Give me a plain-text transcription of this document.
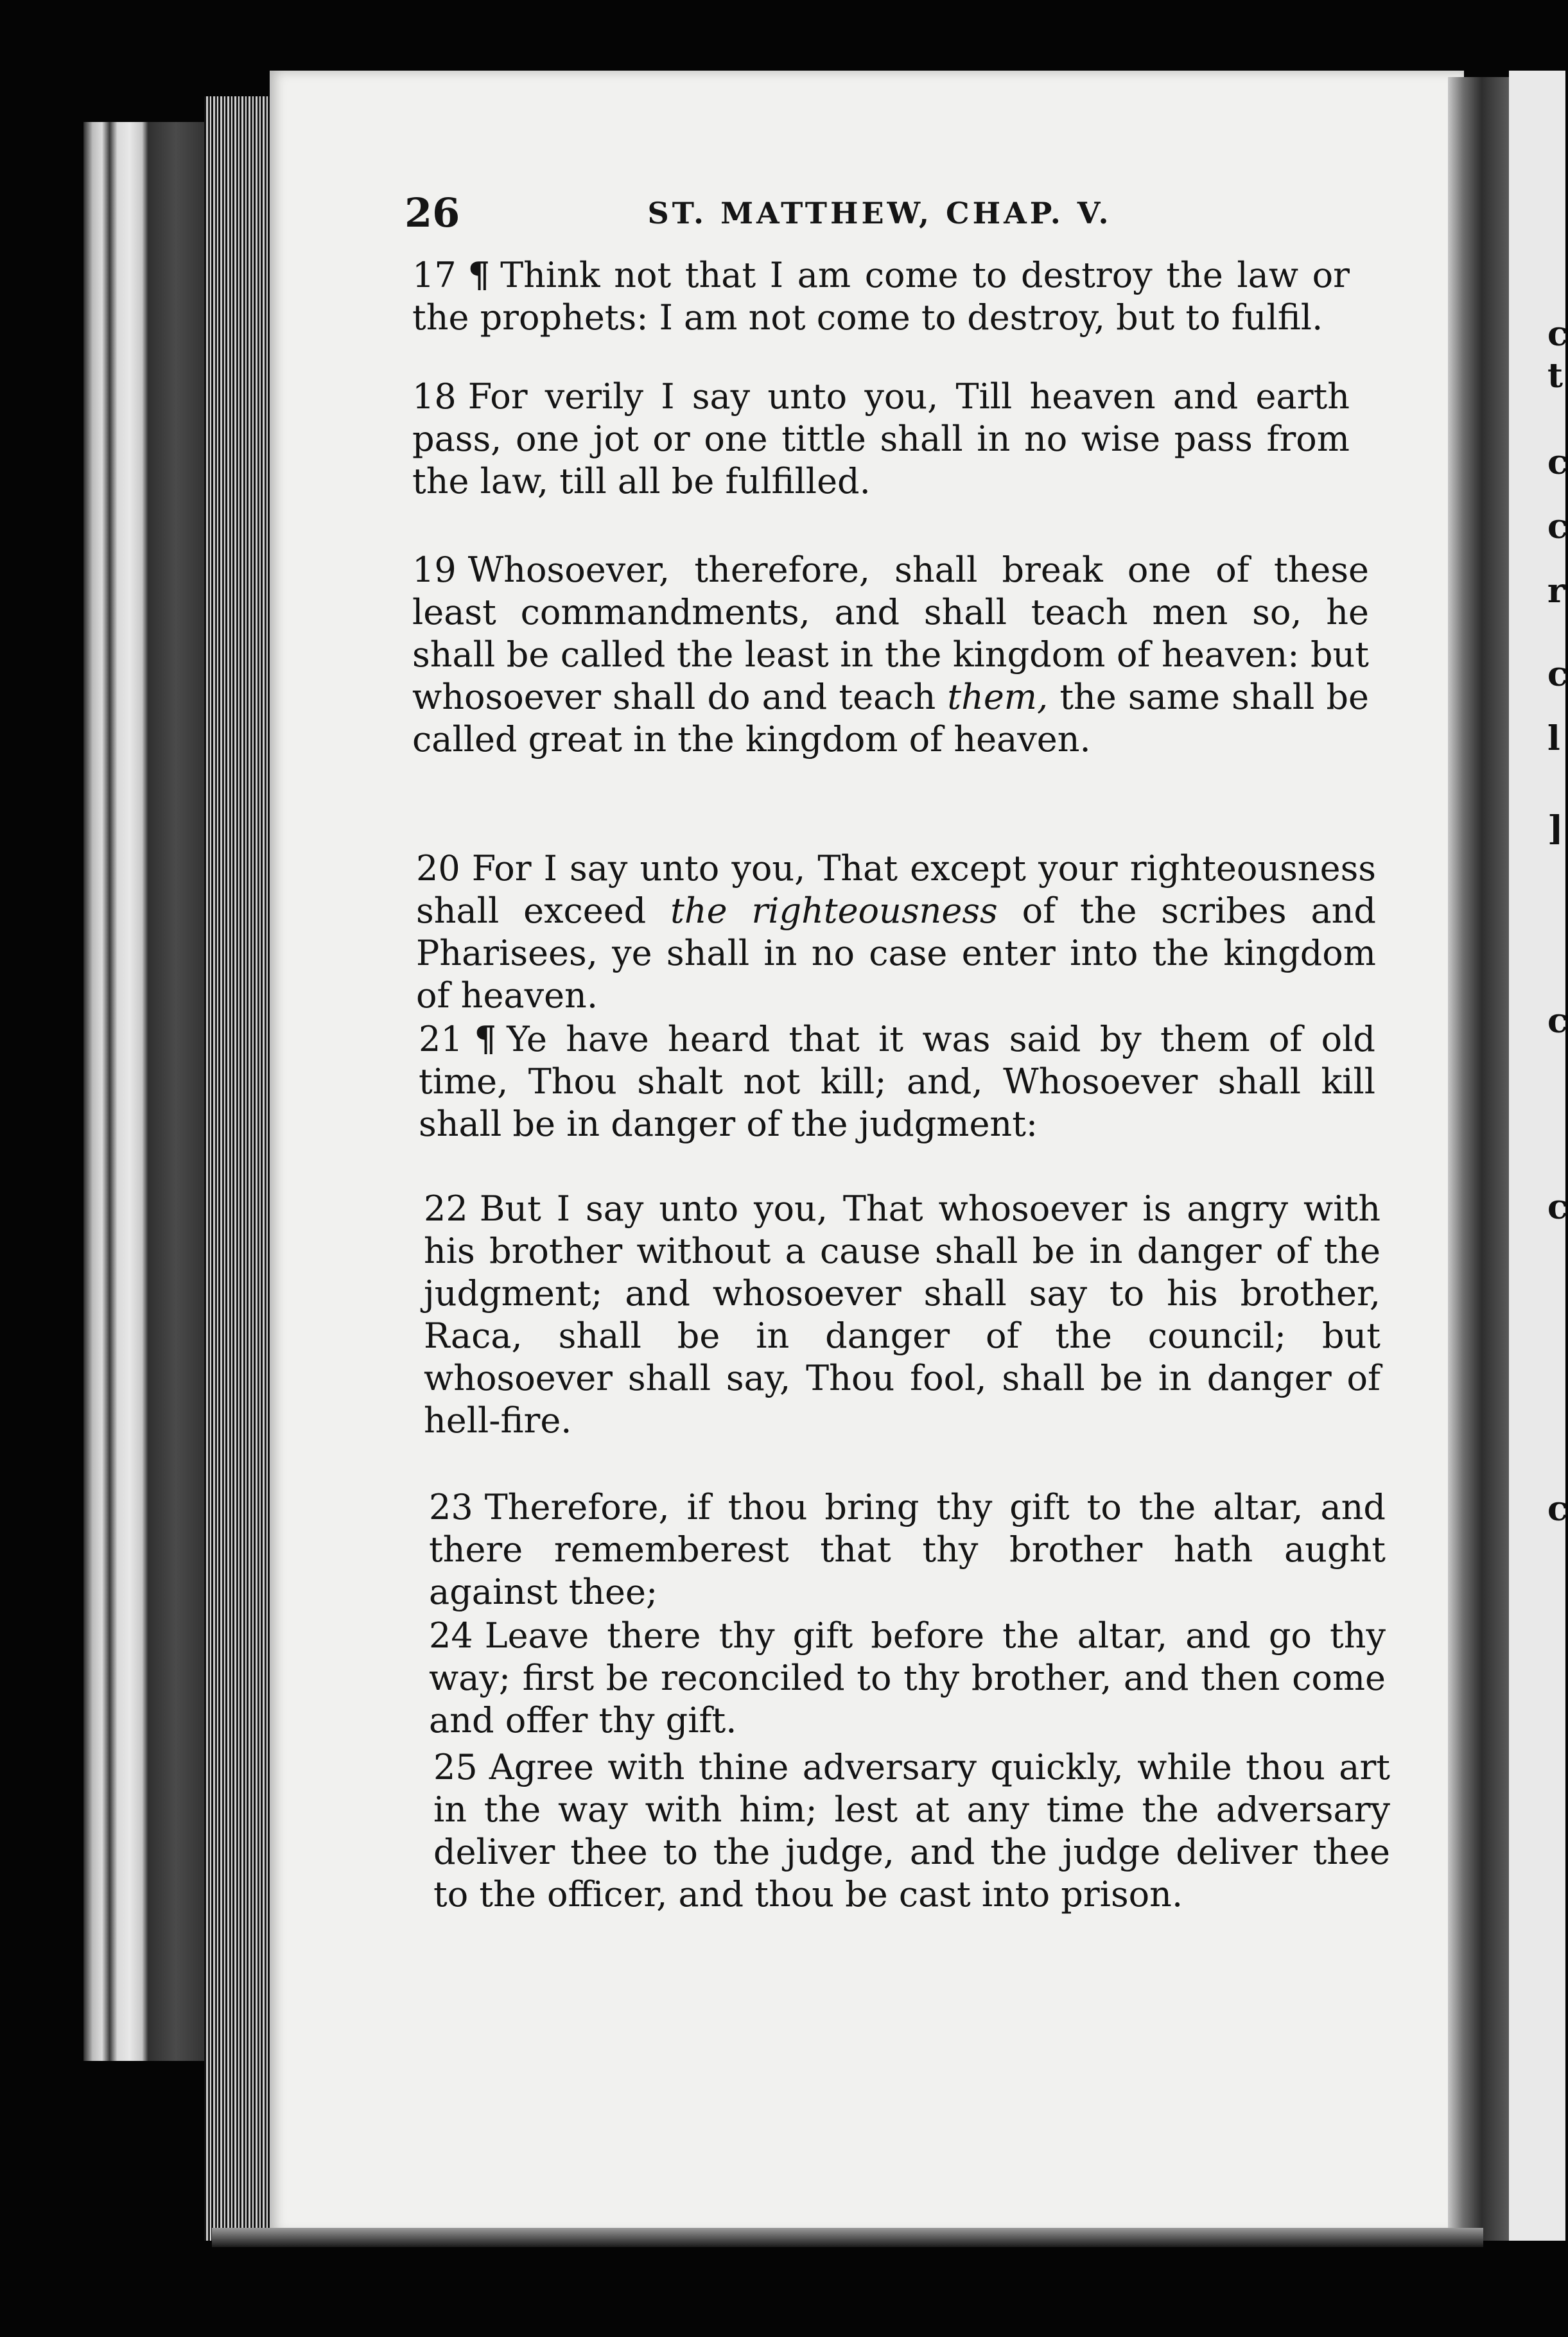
26	ST. MATTHEW, CHAP. V.

17 ¶ Think not that I am come to destroy the law or the prophets: I am not come to destroy, but to fulfil.

18 For verily I say unto you, Till heaven and earth pass, one jot or one tittle shall in no wise pass from the law, till all be fulfilled.

19 Whosoever, therefore, shall break one of these least commandments, and shall teach men so, he shall be called the least in the kingdom of heaven: but whosoever shall do and teach them, the same shall be called great in the kingdom of heaven.

20 For I say unto you, That except your righteousness shall exceed the righteousness of the scribes and Pharisees, ye shall in no case enter into the kingdom of heaven.

21 ¶ Ye have heard that it was said by them of old time, Thou shalt not kill; and, Whosoever shall kill shall be in danger of the judgment:

22 But I say unto you, That whosoever is angry with his brother without a cause shall be in danger of the judgment; and whosoever shall say to his brother, Raca, shall be in danger of the council; but whosoever shall say, Thou fool, shall be in danger of hell-fire.

23 Therefore, if thou bring thy gift to the altar, and there rememberest that thy brother hath aught against thee;

24 Leave there thy gift before the altar, and go thy way; first be reconciled to thy brother, and then come and offer thy gift.

25 Agree with thine adversary quickly, while thou art in the way with him; lest at any time the adversary deliver thee to the judge, and the judge deliver thee to the officer, and thou be cast into prison.

c
t
c
c
r
c
l
]
c
c
c
